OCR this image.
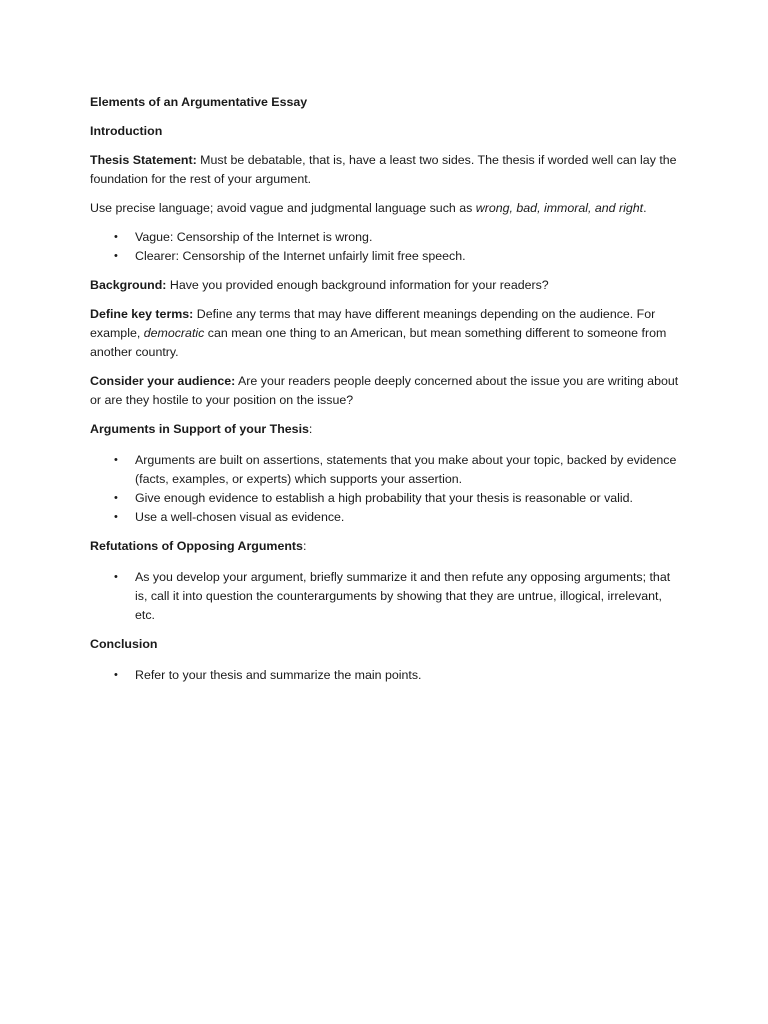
Elements of an Argumentative Essay

Introduction

Thesis Statement: Must be debatable, that is, have a least two sides. The thesis if worded well can lay the foundation for the rest of your argument.

Use precise language; avoid vague and judgmental language such as wrong, bad, immoral, and right.

• Vague: Censorship of the Internet is wrong.
• Clearer: Censorship of the Internet unfairly limit free speech.

Background: Have you provided enough background information for your readers?

Define key terms: Define any terms that may have different meanings depending on the audience. For example, democratic can mean one thing to an American, but mean something different to someone from another country.

Consider your audience: Are your readers people deeply concerned about the issue you are writing about or are they hostile to your position on the issue?

Arguments in Support of your Thesis:

• Arguments are built on assertions, statements that you make about your topic, backed by evidence (facts, examples, or experts) which supports your assertion.
• Give enough evidence to establish a high probability that your thesis is reasonable or valid.
• Use a well-chosen visual as evidence.

Refutations of Opposing Arguments:

• As you develop your argument, briefly summarize it and then refute any opposing arguments; that is, call it into question the counterarguments by showing that they are untrue, illogical, irrelevant, etc.

Conclusion

• Refer to your thesis and summarize the main points.
